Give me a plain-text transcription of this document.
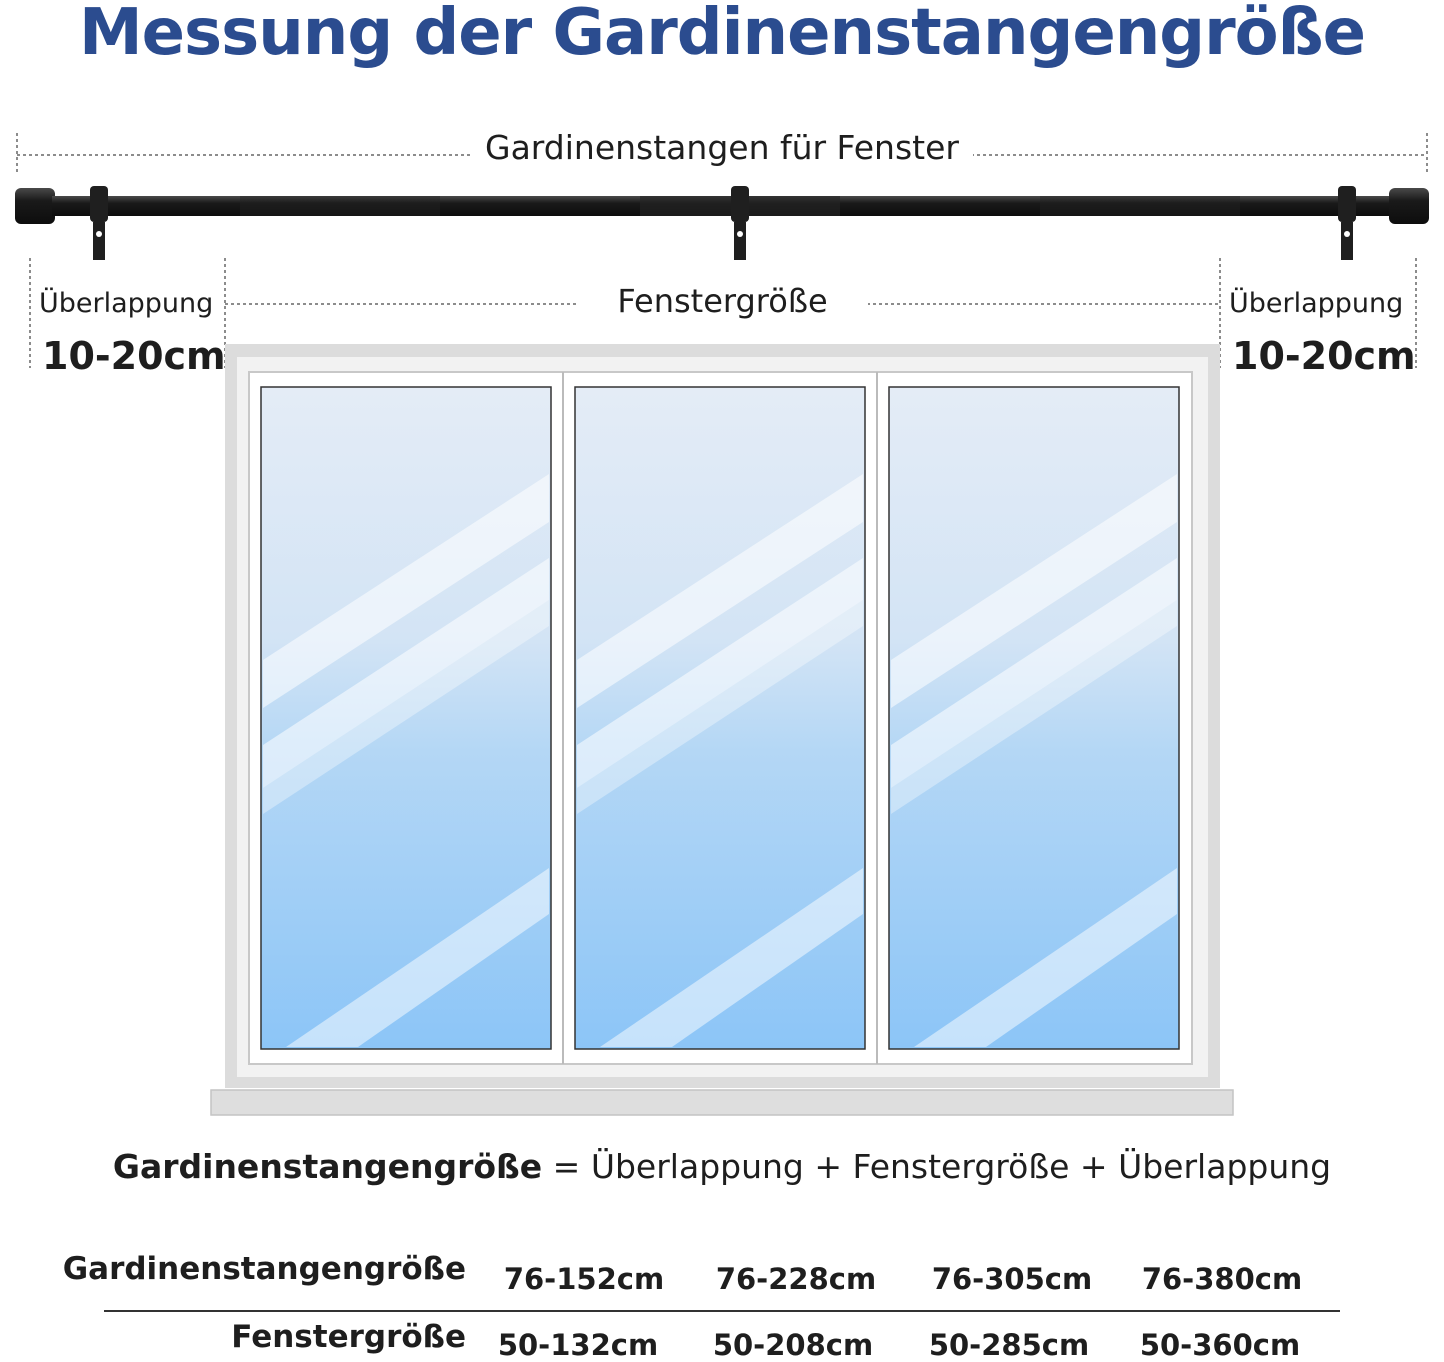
Messung der Gardinenstangengröße
Gardinenstangen für Fenster
Fenstergröße
Überlappung
10-20cm
Überlappung
10-20cm
Gardinenstangengröße = Überlappung + Fenstergröße + Überlappung
Gardinenstangengröße	76-152cm	76-228cm	76-305cm	76-380cm
Fenstergröße	50-132cm	50-208cm	50-285cm	50-360cm
